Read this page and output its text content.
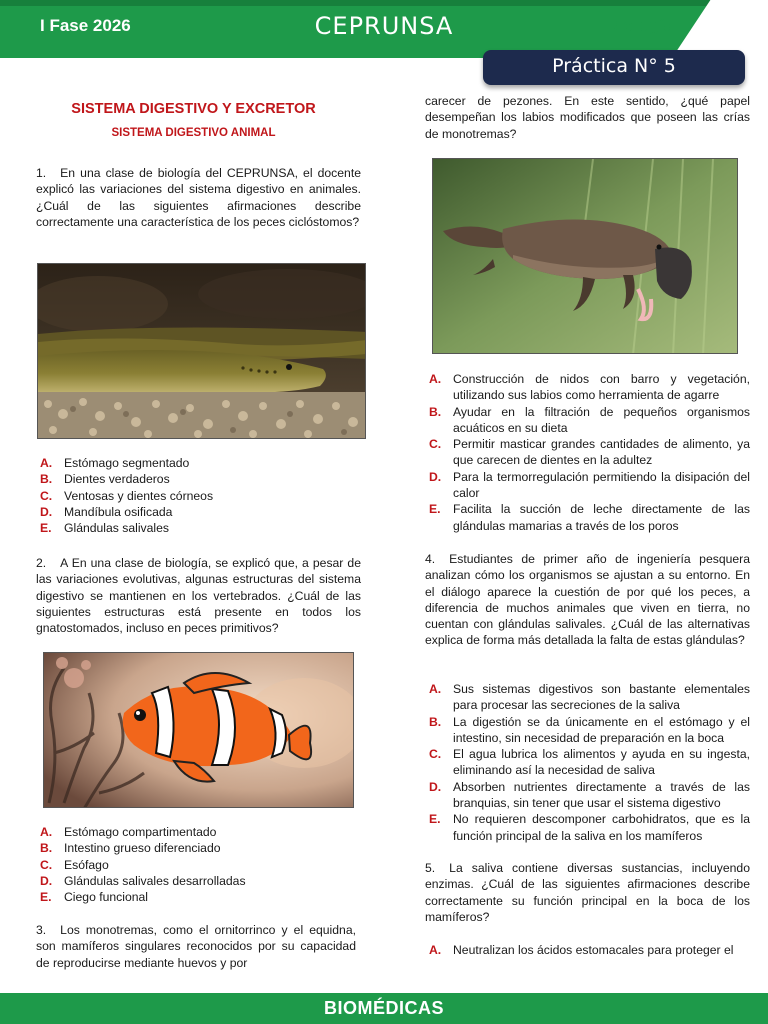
I Fase 2026	CEPRUNSA	Biología
Práctica N° 5
SISTEMA DIGESTIVO Y EXCRETOR
SISTEMA DIGESTIVO ANIMAL

1. En una clase de biología del CEPRUNSA, el docente explicó las variaciones del sistema digestivo en animales. ¿Cuál de las siguientes afirmaciones describe correctamente una característica de los peces ciclóstomos?

A. Estómago segmentado
B. Dientes verdaderos
C. Ventosas y dientes córneos
D. Mandíbula osificada
E. Glándulas salivales

2. A En una clase de biología, se explicó que, a pesar de las variaciones evolutivas, algunas estructuras del sistema digestivo se mantienen en los vertebrados. ¿Cuál de las siguientes estructuras está presente en todos los gnatostomados, incluso en peces primitivos?

A. Estómago compartimentado
B. Intestino grueso diferenciado
C. Esófago
D. Glándulas salivales desarrolladas
E. Ciego funcional

3. Los monotremas, como el ornitorrinco y el equidna, son mamíferos singulares reconocidos por su capacidad de reproducirse mediante huevos y por

carecer de pezones. En este sentido, ¿qué papel desempeñan los labios modificados que poseen las crías de monotremas?

A. Construcción de nidos con barro y vegetación, utilizando sus labios como herramienta de agarre
B. Ayudar en la filtración de pequeños organismos acuáticos en su dieta
C. Permitir masticar grandes cantidades de alimento, ya que carecen de dientes en la adultez
D. Para la termorregulación permitiendo la disipación del calor
E. Facilita la succión de leche directamente de las glándulas mamarias a través de los poros

4. Estudiantes de primer año de ingeniería pesquera analizan cómo los organismos se ajustan a su entorno. En el diálogo aparece la cuestión de por qué los peces, a diferencia de muchos animales que viven en tierra, no cuentan con glándulas salivales. ¿Cuál de las alternativas explica de forma más detallada la falta de estas glándulas?

A. Sus sistemas digestivos son bastante elementales para procesar las secreciones de la saliva
B. La digestión se da únicamente en el estómago y el intestino, sin necesidad de preparación en la boca
C. El agua lubrica los alimentos y ayuda en su ingesta, eliminando así la necesidad de saliva
D. Absorben nutrientes directamente a través de las branquias, sin tener que usar el sistema digestivo
E. No requieren descomponer carbohidratos, que es la función principal de la saliva en los mamíferos

5. La saliva contiene diversas sustancias, incluyendo enzimas. ¿Cuál de las siguientes afirmaciones describe correctamente su función principal en la boca de los mamíferos?

A. Neutralizan los ácidos estomacales para proteger el
BIOMÉDICAS
